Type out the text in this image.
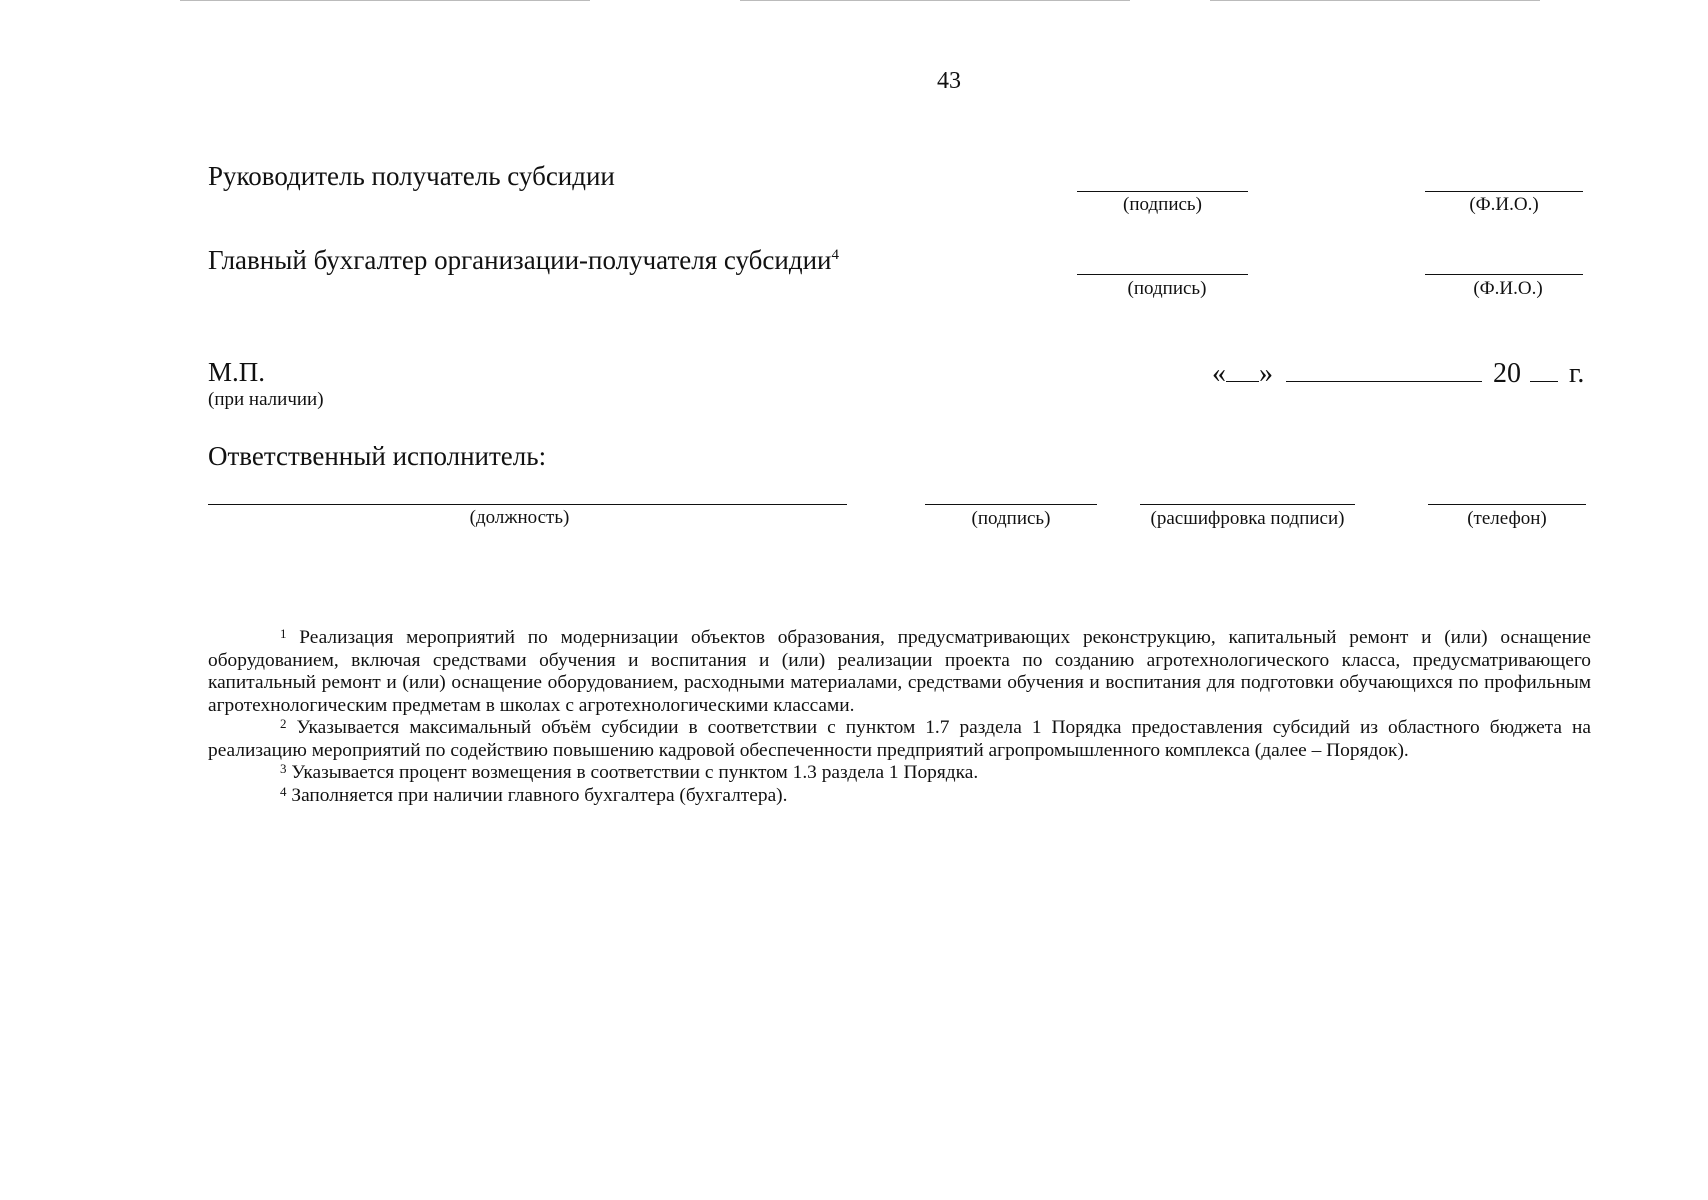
43
Руководитель получатель субсидии
(подпись)	(Ф.И.О.)
Главный бухгалтер организации-получателя субсидии$^4$
(подпись)	(Ф.И.О.)
М.П.
(при наличии)
« »	20 г.
Ответственный исполнитель:
(должность)	(подпись)	(расшифровка подписи)	(телефон)

$^1$ Реализация мероприятий по модернизации объектов образования, предусматривающих реконструкцию, капитальный ремонт и (или) оснащение оборудованием, включая средствами обучения и воспитания и (или) реализации проекта по созданию агротехнологического класса, предусматривающего капитальный ремонт и (или) оснащение оборудованием, расходными материалами, средствами обучения и воспитания для подготовки обучающихся по профильным агротехнологическим предметам в школах с агротехнологическими классами.

$^2$ Указывается максимальный объём субсидии в соответствии с пунктом 1.7 раздела 1 Порядка предоставления субсидий из областного бюджета на реализацию мероприятий по содействию повышению кадровой обеспеченности предприятий агропромышленного комплекса (далее – Порядок).

$^3$ Указывается процент возмещения в соответствии с пунктом 1.3 раздела 1 Порядка.

$^4$ Заполняется при наличии главного бухгалтера (бухгалтера).
